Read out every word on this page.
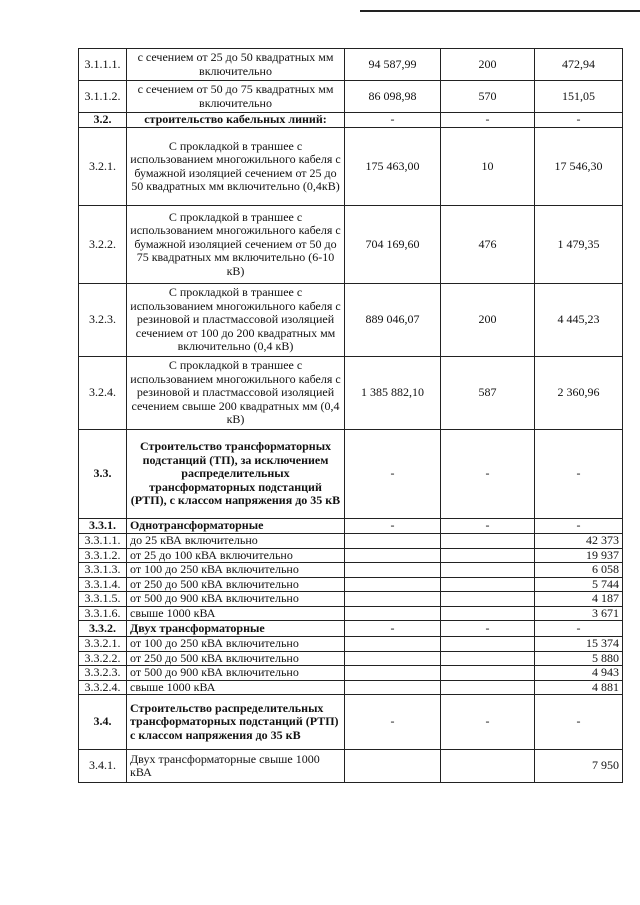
3.1.1.1.	с сечением от 25 до 50 квадратных мм включительно	94 587,99	200	472,94
3.1.1.2.	с сечением от 50 до 75 квадратных мм включительно	86 098,98	570	151,05
3.2.	строительство кабельных линий:	-	-	-
3.2.1.	С прокладкой в траншее с использованием многожильного кабеля с бумажной изоляцией сечением от 25 до 50 квадратных мм включительно (0,4кВ)	175 463,00	10	17 546,30
3.2.2.	С прокладкой в траншее с использованием многожильного кабеля с бумажной изоляцией сечением от 50 до 75 квадратных мм включительно (6-10 кВ)	704 169,60	476	1 479,35
3.2.3.	С прокладкой в траншее с использованием многожильного кабеля с резиновой и пластмассовой изоляцией сечением от 100 до 200 квадратных мм включительно (0,4 кВ)	889 046,07	200	4 445,23
3.2.4.	С прокладкой в траншее с использованием многожильного кабеля с резиновой и пластмассовой изоляцией сечением свыше 200 квадратных мм (0,4 кВ)	1 385 882,10	587	2 360,96
3.3.	Строительство трансформаторных подстанций (ТП), за исключением распределительных трансформаторных подстанций (РТП), с классом напряжения до 35 кВ	-	-	-
3.3.1.	Однотрансформаторные	-	-	-
3.3.1.1.	до 25 кВА включительно			42 373
3.3.1.2.	от 25 до 100 кВА включительно			19 937
3.3.1.3.	от 100 до 250 кВА включительно			6 058
3.3.1.4.	от 250 до 500 кВА включительно			5 744
3.3.1.5.	от 500 до 900 кВА включительно			4 187
3.3.1.6.	свыше 1000 кВА			3 671
3.3.2.	Двух трансформаторные	-	-	-
3.3.2.1.	от 100 до 250 кВА включительно			15 374
3.3.2.2.	от 250 до 500 кВА включительно			5 880
3.3.2.3.	от 500 до 900 кВА включительно			4 943
3.3.2.4.	свыше 1000 кВА			4 881
3.4.	Строительство распределительных трансформаторных подстанций (РТП) с классом напряжения до 35 кВ	-	-	-
3.4.1.	Двух трансформаторные свыше 1000 кВА			7 950
